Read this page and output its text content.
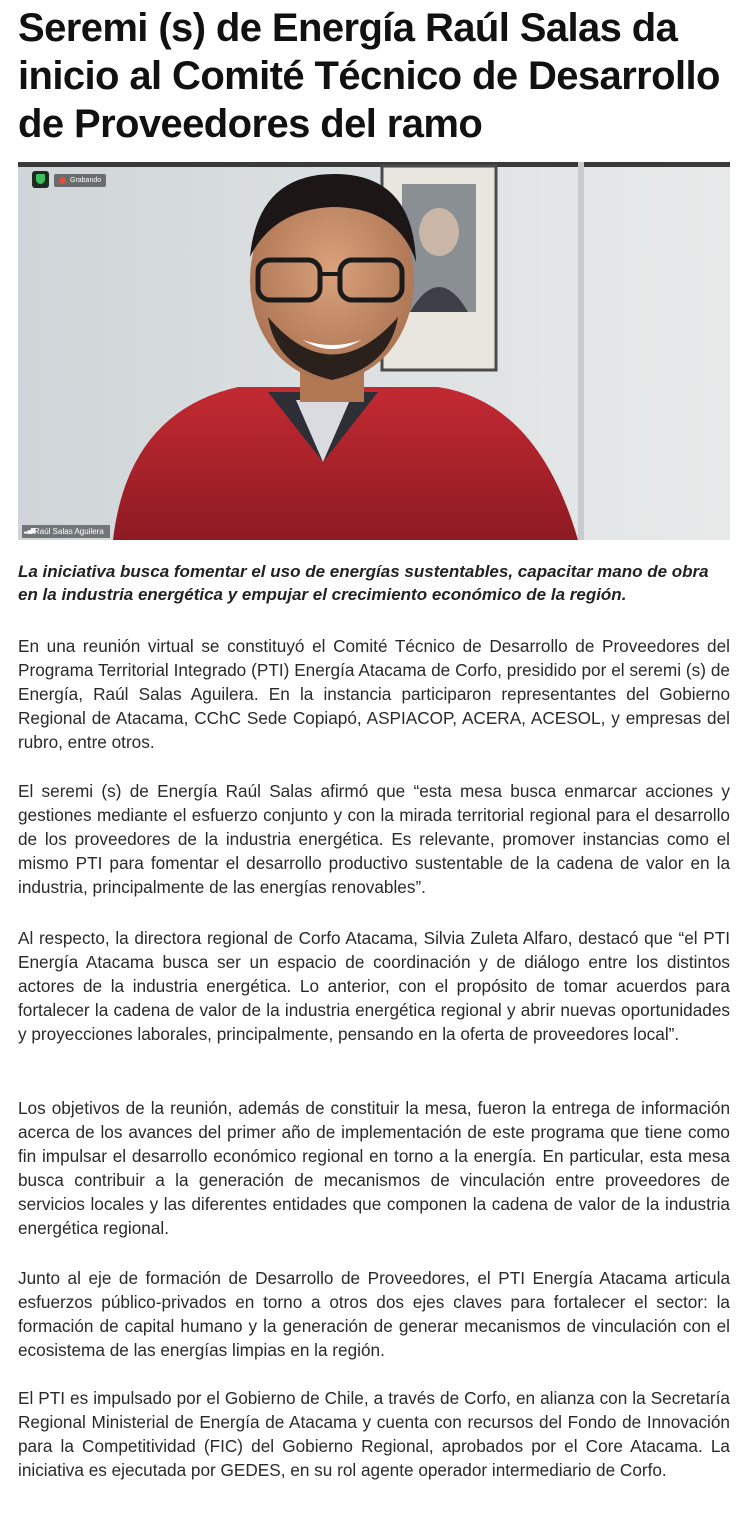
Seremi (s) de Energía Raúl Salas da inicio al Comité Técnico de Desarrollo de Proveedores del ramo
Grabando
▂▄▆ Raúl Salas Aguilera

La iniciativa busca fomentar el uso de energías sustentables, capacitar mano de obra en la industria energética y empujar el crecimiento económico de la región.

En una reunión virtual se constituyó el Comité Técnico de Desarrollo de Proveedores del Programa Territorial Integrado (PTI) Energía Atacama de Corfo, presidido por el seremi (s) de Energía, Raúl Salas Aguilera. En la instancia participaron representantes del Gobierno Regional de Atacama, CChC Sede Copiapó, ASPIACOP, ACERA, ACESOL, y empresas del rubro, entre otros.

El seremi (s) de Energía Raúl Salas afirmó que “esta mesa busca enmarcar acciones y gestiones mediante el esfuerzo conjunto y con la mirada territorial regional para el desarrollo de los proveedores de la industria energética. Es relevante, promover instancias como el mismo PTI para fomentar el desarrollo productivo sustentable de la cadena de valor en la industria, principalmente de las energías renovables”.

Al respecto, la directora regional de Corfo Atacama, Silvia Zuleta Alfaro, destacó que “el PTI Energía Atacama busca ser un espacio de coordinación y de diálogo entre los distintos actores de la industria energética. Lo anterior, con el propósito de tomar acuerdos para fortalecer la cadena de valor de la industria energética regional y abrir nuevas oportunidades y proyecciones laborales, principalmente, pensando en la oferta de proveedores local”.

Los objetivos de la reunión, además de constituir la mesa, fueron la entrega de información acerca de los avances del primer año de implementación de este programa que tiene como fin impulsar el desarrollo económico regional en torno a la energía. En particular, esta mesa busca contribuir a la generación de mecanismos de vinculación entre proveedores de servicios locales y las diferentes entidades que componen la cadena de valor de la industria energética regional.

Junto al eje de formación de Desarrollo de Proveedores, el PTI Energía Atacama articula esfuerzos público-privados en torno a otros dos ejes claves para fortalecer el sector: la formación de capital humano y la generación de generar mecanismos de vinculación con el ecosistema de las energías limpias en la región.

El PTI es impulsado por el Gobierno de Chile, a través de Corfo, en alianza con la Secretaría Regional Ministerial de Energía de Atacama y cuenta con recursos del Fondo de Innovación para la Competitividad (FIC) del Gobierno Regional, aprobados por el Core Atacama. La iniciativa es ejecutada por GEDES, en su rol agente operador intermediario de Corfo.
